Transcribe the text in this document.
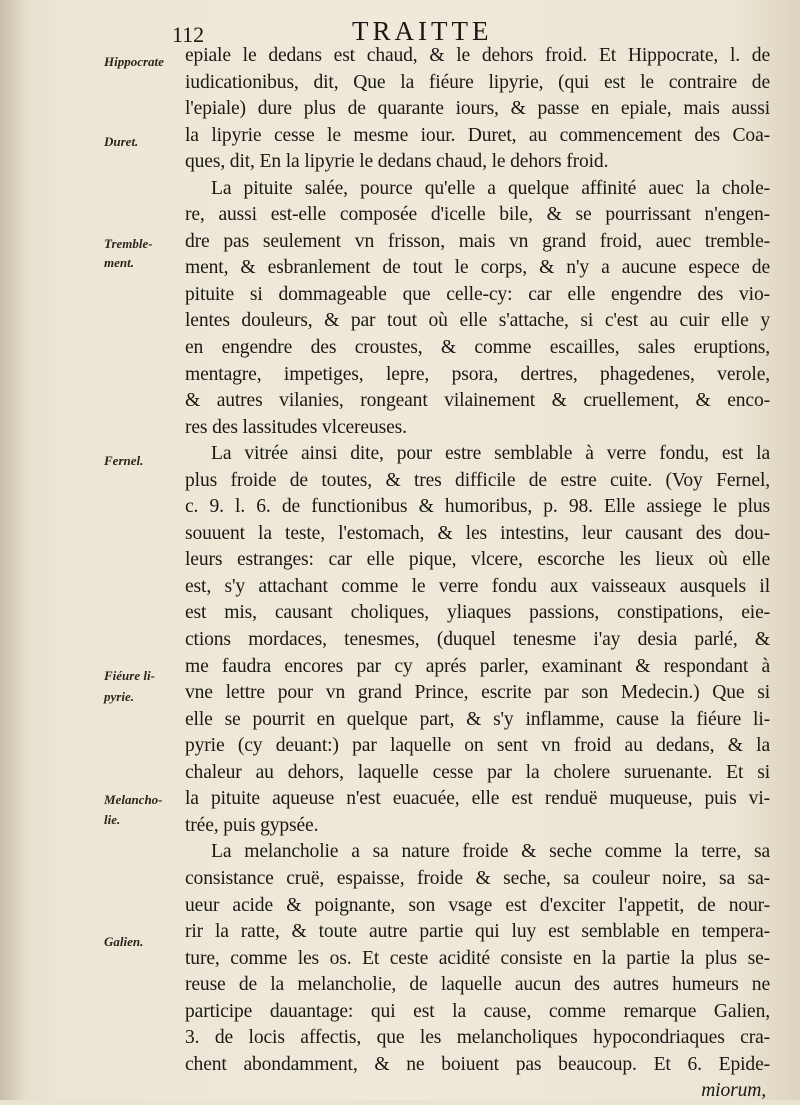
112	TRAITTE
Hippocrate
Duret.
Tremble-
ment.
Fernel.
Fiéure li-
pyrie.
Melancho-
lie.
Galien.
epiale le dedans est chaud, & le dehors froid. Et Hippocrate, l. de
iudicationibus, dit, Que la fiéure lipyrie, (qui est le contraire de
l'epiale) dure plus de quarante iours, & passe en epiale, mais aussi
la lipyrie cesse le mesme iour. Duret, au commencement des Coa-
ques, dit, En la lipyrie le dedans chaud, le dehors froid.
La pituite salée, pource qu'elle a quelque affinité auec la chole-
re, aussi est-elle composée d'icelle bile, & se pourrissant n'engen-
dre pas seulement vn frisson, mais vn grand froid, auec tremble-
ment, & esbranlement de tout le corps, & n'y a aucune espece de
pituite si dommageable que celle-cy: car elle engendre des vio-
lentes douleurs, & par tout où elle s'attache, si c'est au cuir elle y
en engendre des croustes, & comme escailles, sales eruptions,
mentagre, impetiges, lepre, psora, dertres, phagedenes, verole,
& autres vilanies, rongeant vilainement & cruellement, & enco-
res des lassitudes vlcereuses.
La vitrée ainsi dite, pour estre semblable à verre fondu, est la
plus froide de toutes, & tres difficile de estre cuite. (Voy Fernel,
c. 9. l. 6. de functionibus & humoribus, p. 98. Elle assiege le plus
souuent la teste, l'estomach, & les intestins, leur causant des dou-
leurs estranges: car elle pique, vlcere, escorche les lieux où elle
est, s'y attachant comme le verre fondu aux vaisseaux ausquels il
est mis, causant choliques, yliaques passions, constipations, eie-
ctions mordaces, tenesmes, (duquel tenesme i'ay desia parlé, &
me faudra encores par cy aprés parler, examinant & respondant à
vne lettre pour vn grand Prince, escrite par son Medecin.) Que si
elle se pourrit en quelque part, & s'y inflamme, cause la fiéure li-
pyrie (cy deuant:) par laquelle on sent vn froid au dedans, & la
chaleur au dehors, laquelle cesse par la cholere suruenante. Et si
la pituite aqueuse n'est euacuée, elle est renduë muqueuse, puis vi-
trée, puis gypsée.
La melancholie a sa nature froide & seche comme la terre, sa
consistance cruë, espaisse, froide & seche, sa couleur noire, sa sa-
ueur acide & poignante, son vsage est d'exciter l'appetit, de nour-
rir la ratte, & toute autre partie qui luy est semblable en tempera-
ture, comme les os. Et ceste acidité consiste en la partie la plus se-
reuse de la melancholie, de laquelle aucun des autres humeurs ne
participe dauantage: qui est la cause, comme remarque Galien,
3. de locis affectis, que les melancholiques hypocondriaques cra-
chent abondamment, & ne boiuent pas beaucoup. Et 6. Epide-
miorum,
